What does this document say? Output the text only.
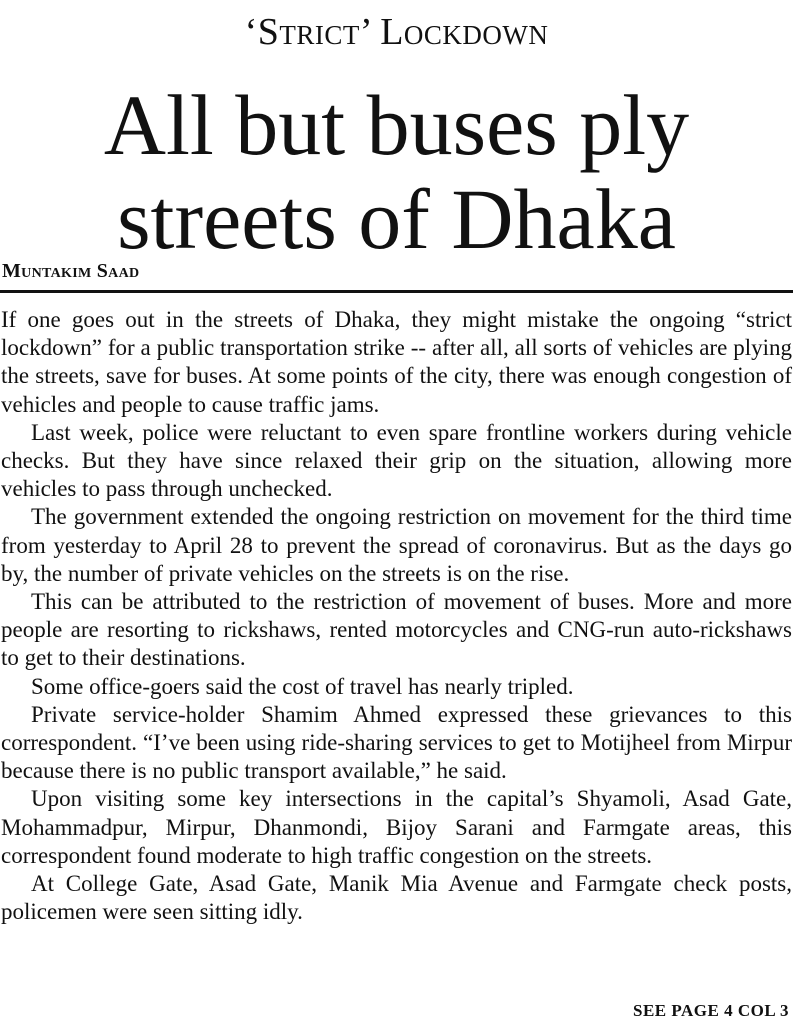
‘Strict’ Lockdown
All but buses ply
streets of Dhaka
Muntakim Saad

If one goes out in the streets of Dhaka, they might mistake the ongoing “strict lockdown” for a public transportation strike -- after all, all sorts of vehicles are plying the streets, save for buses. At some points of the city, there was enough congestion of vehicles and people to cause traffic jams.

Last week, police were reluctant to even spare frontline workers during vehicle checks. But they have since relaxed their grip on the situation, allowing more vehicles to pass through unchecked.

The government extended the ongoing restriction on movement for the third time from yesterday to April 28 to prevent the spread of coronavirus. But as the days go by, the number of private vehicles on the streets is on the rise.

This can be attributed to the restriction of movement of buses. More and more people are resorting to rickshaws, rented motorcycles and CNG-run auto-rickshaws to get to their destinations.

Some office-goers said the cost of travel has nearly tripled.

Private service-holder Shamim Ahmed expressed these grievances to this correspondent. “I’ve been using ride-sharing services to get to Motijheel from Mirpur because there is no public transport available,” he said.

Upon visiting some key intersections in the capital’s Shyamoli, Asad Gate, Mohammadpur, Mirpur, Dhanmondi, Bijoy Sarani and Farmgate areas, this correspondent found moderate to high traffic congestion on the streets.

At College Gate, Asad Gate, Manik Mia Avenue and Farmgate check posts, policemen were seen sitting idly.

SEE PAGE 4 COL 3
